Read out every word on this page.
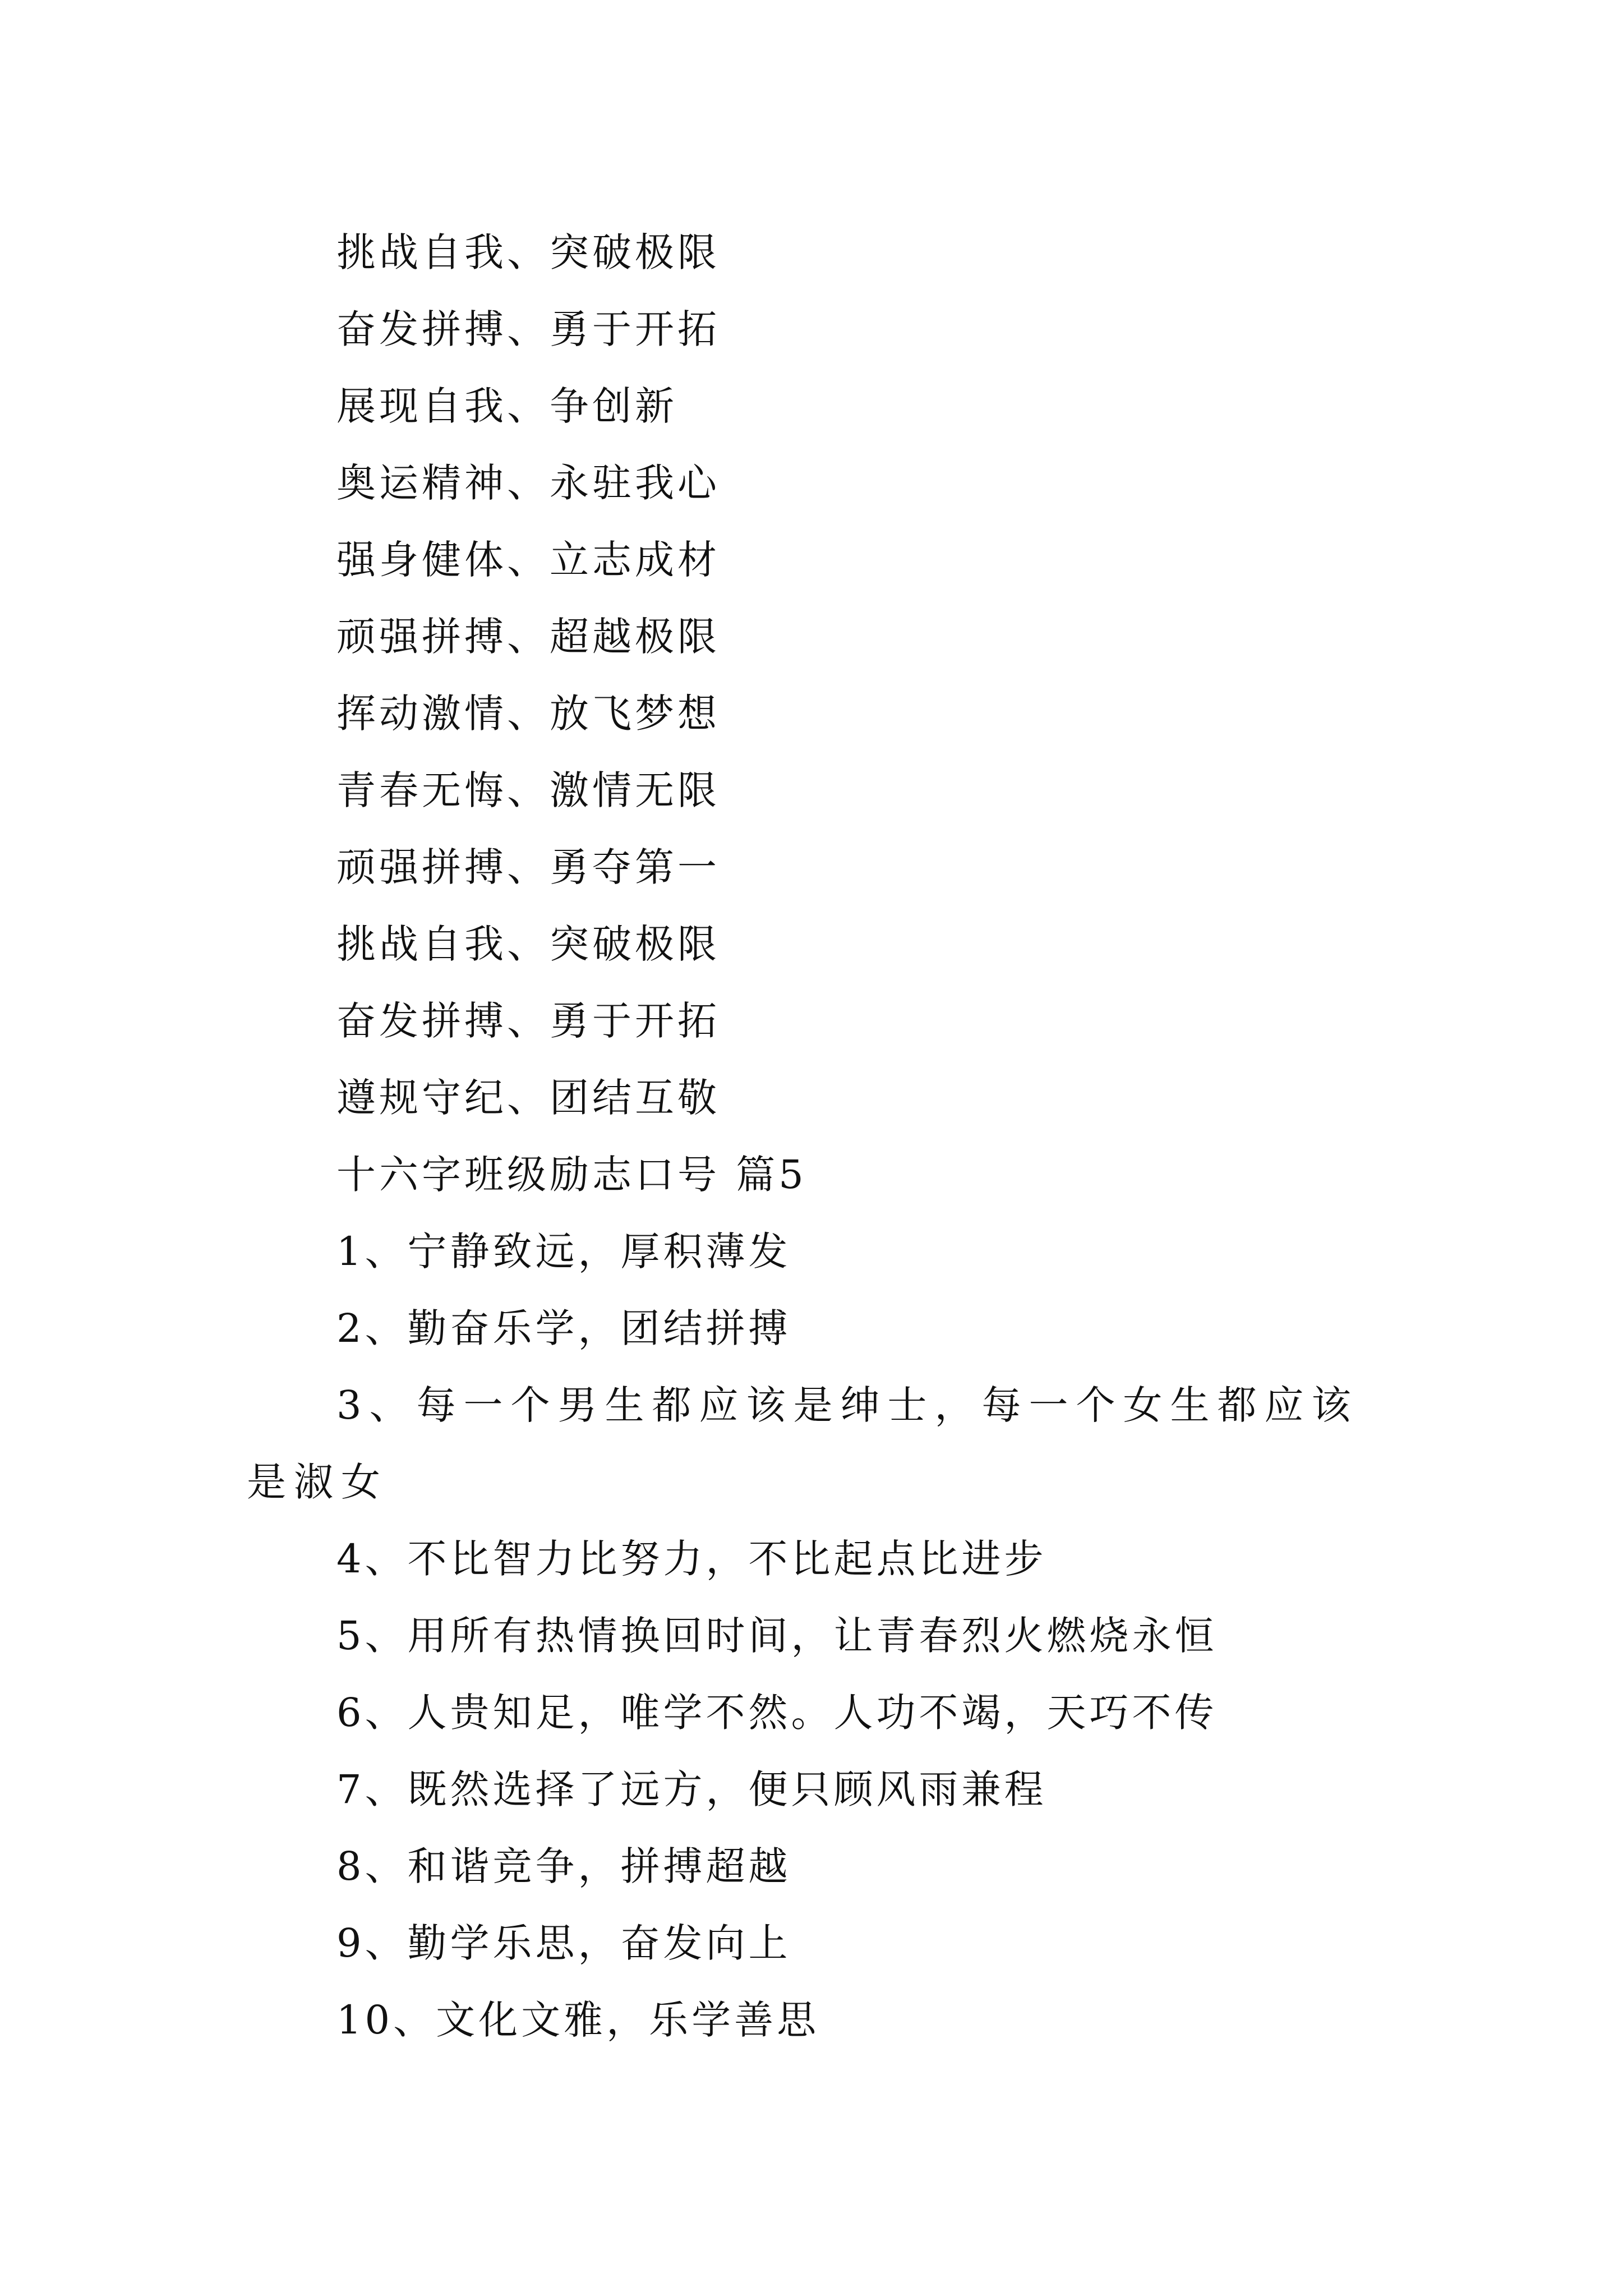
挑战自我、突破极限

奋发拼搏、勇于开拓

展现自我、争创新

奥运精神、永驻我心

强身健体、立志成材

顽强拼搏、超越极限

挥动激情、放飞梦想

青春无悔、激情无限

顽强拼搏、勇夺第一

挑战自我、突破极限

奋发拼搏、勇于开拓

遵规守纪、团结互敬

十六字班级励志口号 篇5

1、宁静致远，厚积薄发

2、勤奋乐学，团结拼搏

3、每一个男生都应该是绅士，每一个女生都应该是淑女

4、不比智力比努力，不比起点比进步

5、用所有热情换回时间，让青春烈火燃烧永恒

6、人贵知足，唯学不然。人功不竭，天巧不传

7、既然选择了远方，便只顾风雨兼程

8、和谐竞争，拼搏超越

9、勤学乐思，奋发向上

10、文化文雅，乐学善思
